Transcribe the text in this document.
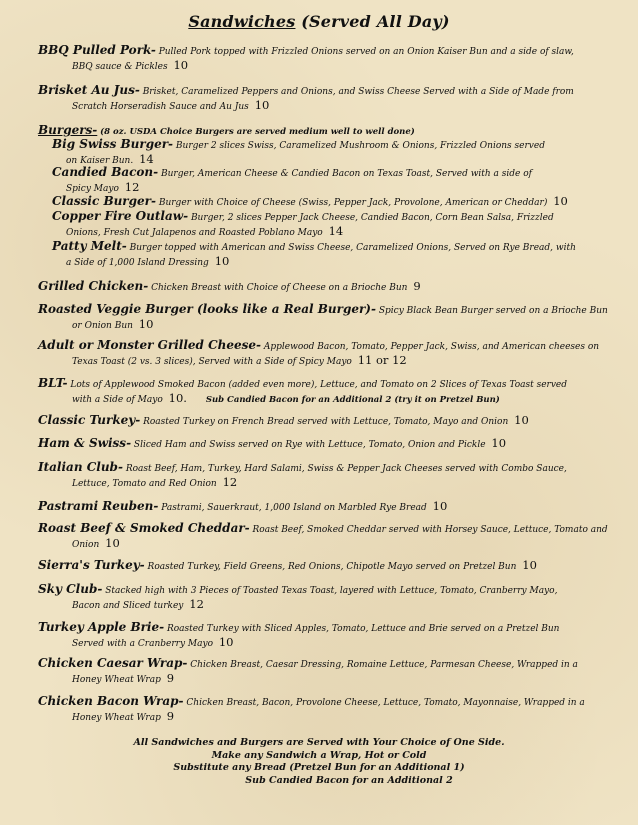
Sandwiches (Served All Day)
BBQ Pulled Pork- Pulled Pork topped with Frizzled Onions served on an Onion Kaiser Bun and a side of slaw,
BBQ sauce & Pickles 10
Brisket Au Jus- Brisket, Caramelized Peppers and Onions, and Swiss Cheese Served with a Side of Made from
Scratch Horseradish Sauce and Au Jus 10
Burgers- (8 oz. USDA Choice Burgers are served medium well to well done)
Big Swiss Burger- Burger 2 slices Swiss, Caramelized Mushroom & Onions, Frizzled Onions served
on Kaiser Bun. 14
Candied Bacon- Burger, American Cheese & Candied Bacon on Texas Toast, Served with a side of
Spicy Mayo 12
Classic Burger- Burger with Choice of Cheese (Swiss, Pepper Jack, Provolone, American or Cheddar) 10
Copper Fire Outlaw- Burger, 2 slices Pepper Jack Cheese, Candied Bacon, Corn Bean Salsa, Frizzled
Onions, Fresh Cut Jalapenos and Roasted Poblano Mayo 14
Patty Melt- Burger topped with American and Swiss Cheese, Caramelized Onions, Served on Rye Bread, with
a Side of 1,000 Island Dressing 10
Grilled Chicken- Chicken Breast with Choice of Cheese on a Brioche Bun 9
Roasted Veggie Burger (looks like a Real Burger)- Spicy Black Bean Burger served on a Brioche Bun
or Onion Bun 10
Adult or Monster Grilled Cheese- Applewood Bacon, Tomato, Pepper Jack, Swiss, and American cheeses on
Texas Toast (2 vs. 3 slices), Served with a Side of Spicy Mayo 11 or 12
BLT- Lots of Applewood Smoked Bacon (added even more), Lettuce, and Tomato on 2 Slices of Texas Toast served
with a Side of Mayo 10. Sub Candied Bacon for an Additional 2 (try it on Pretzel Bun)
Classic Turkey- Roasted Turkey on French Bread served with Lettuce, Tomato, Mayo and Onion 10
Ham & Swiss- Sliced Ham and Swiss served on Rye with Lettuce, Tomato, Onion and Pickle 10
Italian Club- Roast Beef, Ham, Turkey, Hard Salami, Swiss & Pepper Jack Cheeses served with Combo Sauce,
Lettuce, Tomato and Red Onion 12
Pastrami Reuben- Pastrami, Sauerkraut, 1,000 Island on Marbled Rye Bread 10
Roast Beef & Smoked Cheddar- Roast Beef, Smoked Cheddar served with Horsey Sauce, Lettuce, Tomato and
Onion 10
Sierra's Turkey- Roasted Turkey, Field Greens, Red Onions, Chipotle Mayo served on Pretzel Bun 10
Sky Club- Stacked high with 3 Pieces of Toasted Texas Toast, layered with Lettuce, Tomato, Cranberry Mayo,
Bacon and Sliced turkey 12
Turkey Apple Brie- Roasted Turkey with Sliced Apples, Tomato, Lettuce and Brie served on a Pretzel Bun
Served with a Cranberry Mayo 10
Chicken Caesar Wrap- Chicken Breast, Caesar Dressing, Romaine Lettuce, Parmesan Cheese, Wrapped in a
Honey Wheat Wrap 9
Chicken Bacon Wrap- Chicken Breast, Bacon, Provolone Cheese, Lettuce, Tomato, Mayonnaise, Wrapped in a
Honey Wheat Wrap 9
All Sandwiches and Burgers are Served with Your Choice of One Side.
Make any Sandwich a Wrap, Hot or Cold
Substitute any Bread (Pretzel Bun for an Additional 1)
Sub Candied Bacon for an Additional 2
